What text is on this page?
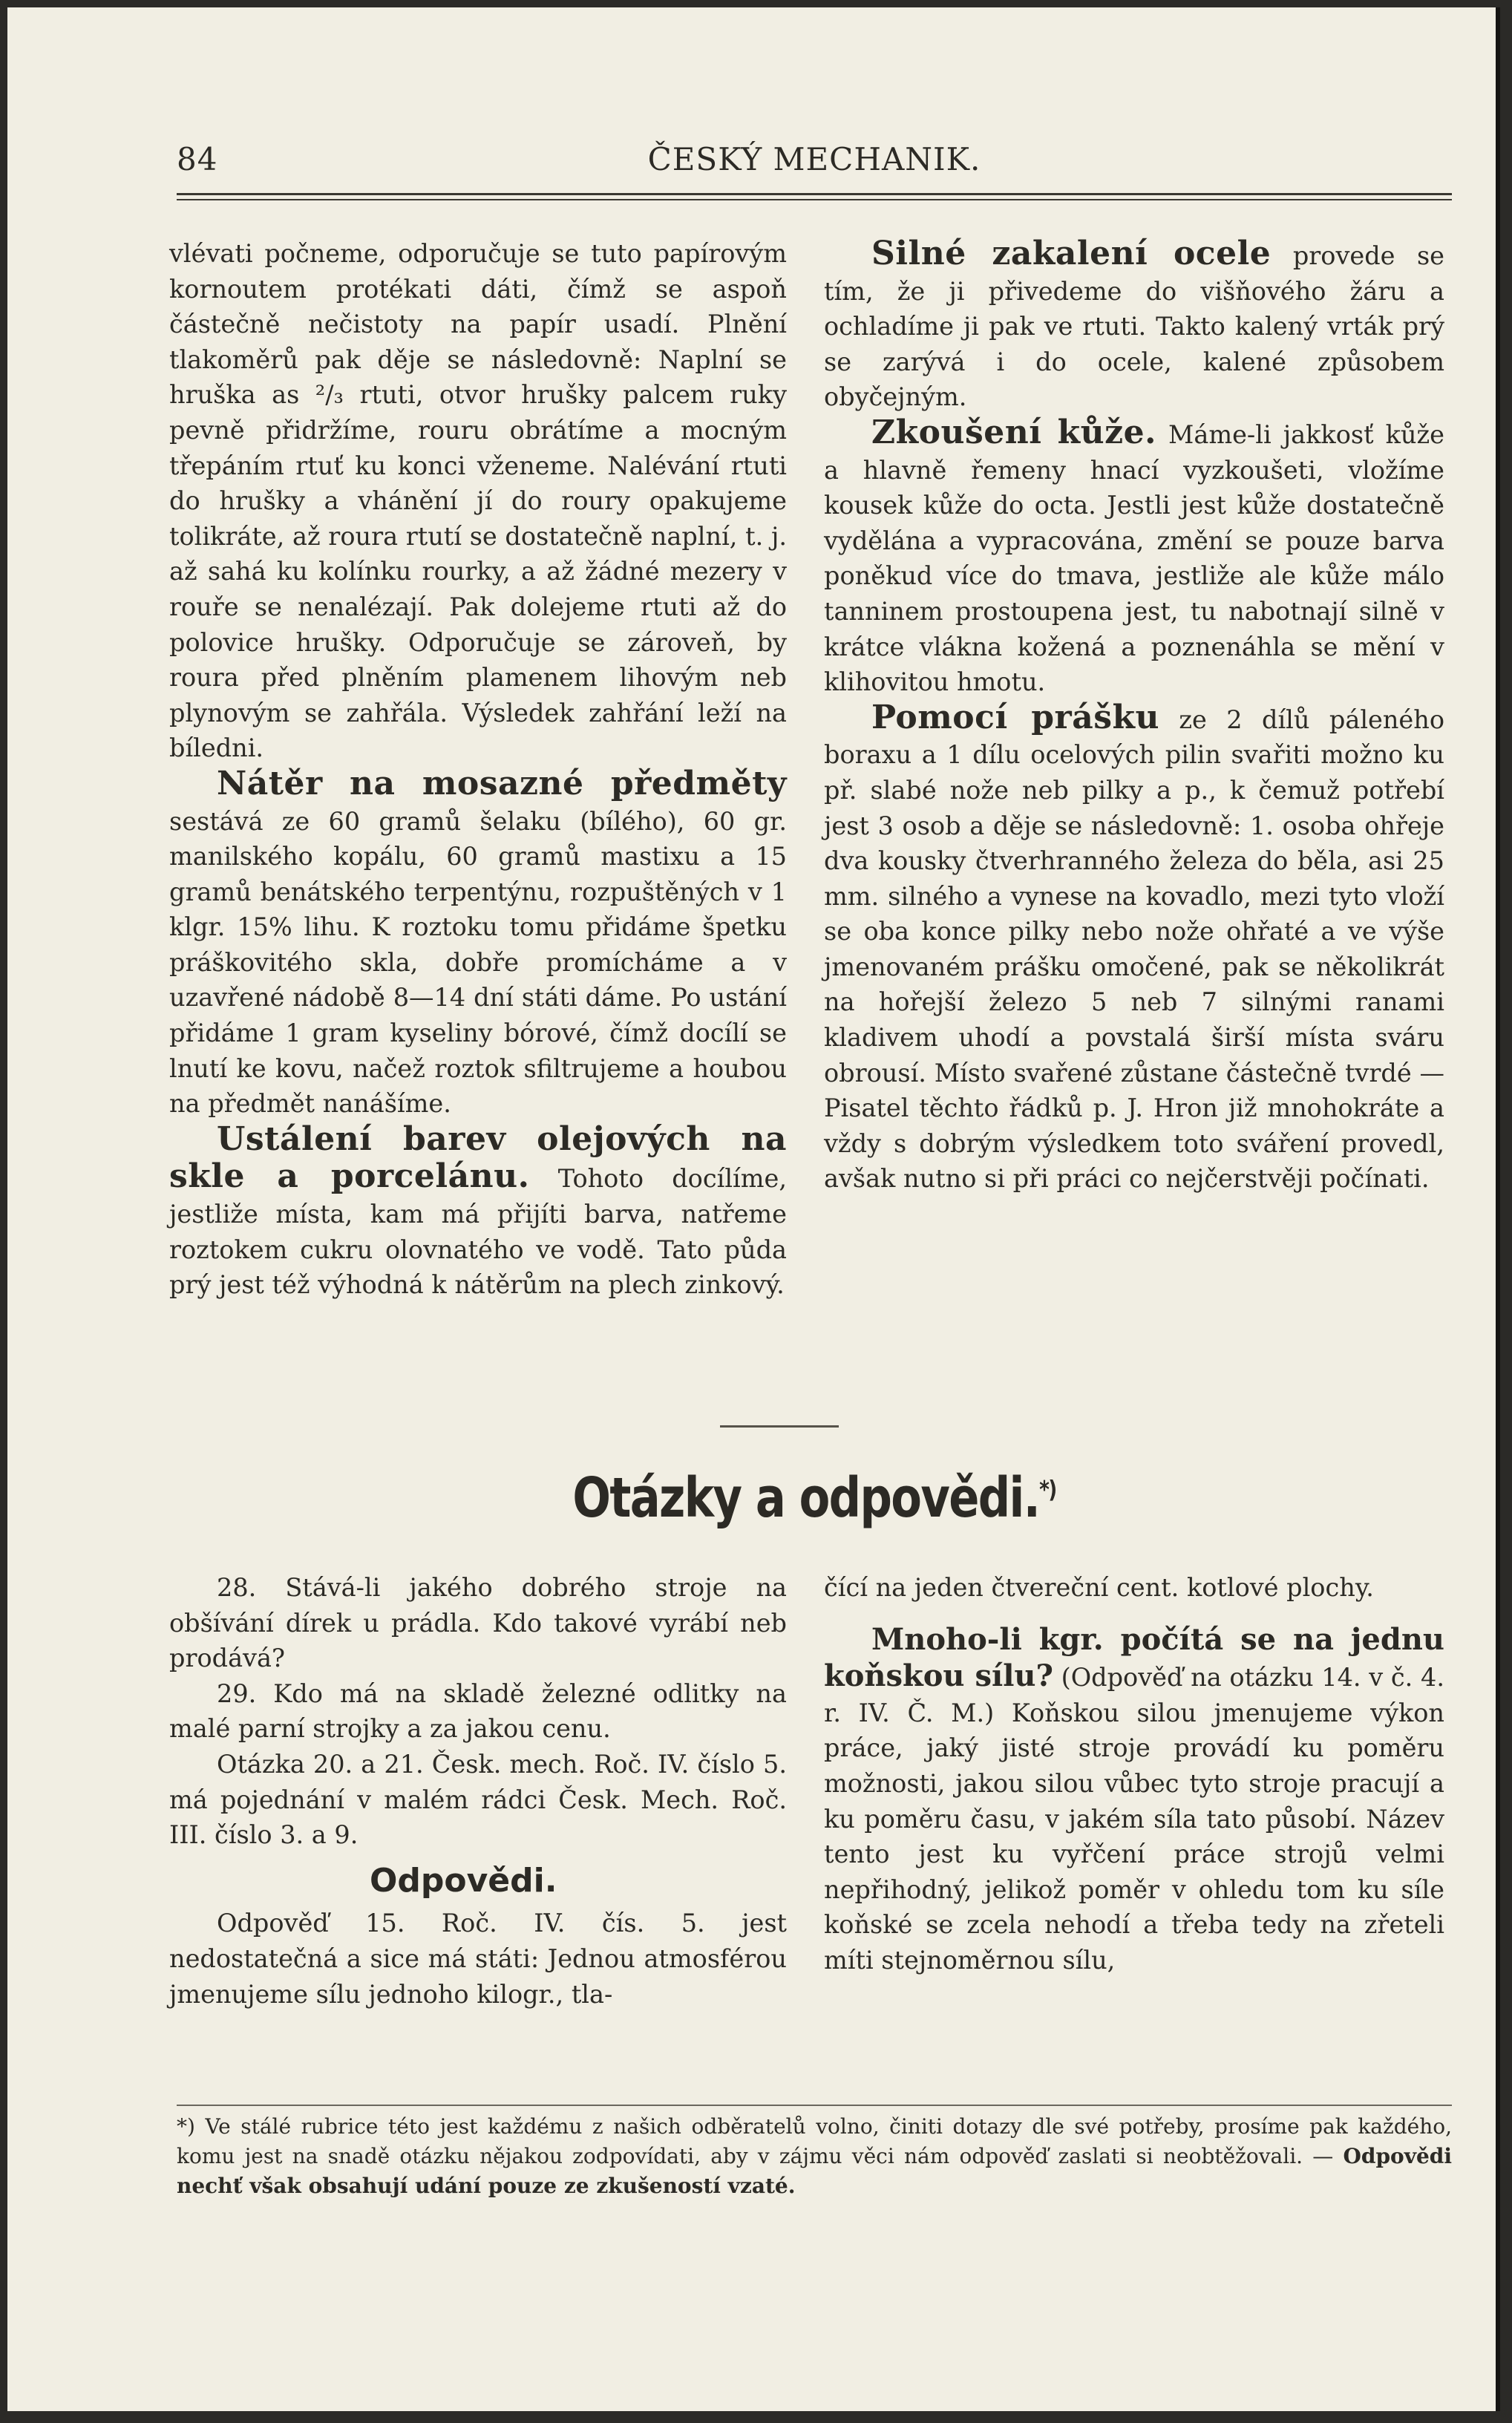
84	ČESKÝ MECHANIK.

vlévati počneme, odporučuje se tuto papírovým kornoutem protékati dáti, čímž se aspoň částečně nečistoty na papír usadí. Plnění tlakoměrů pak děje se následovně: Naplní se hruška as ²/₃ rtuti, otvor hrušky palcem ruky pevně přidržíme, rouru obrátíme a mocným třepáním rtuť ku konci vženeme. Nalévání rtuti do hrušky a vhánění jí do roury opakujeme tolikráte, až roura rtutí se dostatečně naplní, t. j. až sahá ku kolínku rourky, a až žádné mezery v rouře se nenalézají. Pak dolejeme rtuti až do polovice hrušky. Odporučuje se zároveň, by roura před plněním plamenem lihovým neb plynovým se zahřála. Výsledek zahřání leží na bíledni.

Nátěr na mosazné předměty sestává ze 60 gramů šelaku (bílého), 60 gr. manilského kopálu, 60 gramů mastixu a 15 gramů benátského terpentýnu, rozpuštěných v 1 klgr. 15% lihu. K roztoku tomu přidáme špetku práškovitého skla, dobře promícháme a v uzavřené nádobě 8—14 dní státi dáme. Po ustání přidáme 1 gram kyseliny bórové, čímž docílí se lnutí ke kovu, načež roztok sfiltrujeme a houbou na předmět nanášíme.

Ustálení barev olejových na skle a porcelánu. Tohoto docílíme, jestliže místa, kam má přijíti barva, natřeme roztokem cukru olovnatého ve vodě. Tato půda prý jest též výhodná k nátěrům na plech zinkový.

Silné zakalení ocele provede se tím, že ji přivedeme do višňového žáru a ochladíme ji pak ve rtuti. Takto kalený vrták prý se zarývá i do ocele, kalené způsobem obyčejným.

Zkoušení kůže. Máme-li jakkosť kůže a hlavně řemeny hnací vyzkoušeti, vložíme kousek kůže do octa. Jestli jest kůže dostatečně vydělána a vypracována, změní se pouze barva poněkud více do tmava, jestliže ale kůže málo tanninem prostoupena jest, tu nabotnají silně v krátce vlákna kožená a poznenáhla se mění v klihovitou hmotu.

Pomocí prášku ze 2 dílů páleného boraxu a 1 dílu ocelových pilin svařiti možno ku př. slabé nože neb pilky a p., k čemuž potřebí jest 3 osob a děje se následovně: 1. osoba ohřeje dva kousky čtverhranného železa do běla, asi 25 mm. silného a vynese na kovadlo, mezi tyto vloží se oba konce pilky nebo nože ohřaté a ve výše jmenovaném prášku omočené, pak se několikrát na hořejší železo 5 neb 7 silnými ranami kladivem uhodí a povstalá širší místa sváru obrousí. Místo svařené zůstane částečně tvrdé — Pisatel těchto řádků p. J. Hron již mnohokráte a vždy s dobrým výsledkem toto sváření provedl, avšak nutno si při práci co nejčerstvěji počínati.

Otázky a odpovědi.*)

28. Stává-li jakého dobrého stroje na obšívání dírek u prádla. Kdo takové vyrábí neb prodává?

29. Kdo má na skladě železné odlitky na malé parní strojky a za jakou cenu.

Otázka 20. a 21. Česk. mech. Roč. IV. číslo 5. má pojednání v malém rádci Česk. Mech. Roč. III. číslo 3. a 9.

Odpovědi.

Odpověď 15. Roč. IV. čís. 5. jest nedostatečná a sice má státi: Jednou atmosférou jmenujeme sílu jednoho kilogr., tla-

čící na jeden čtvereční cent. kotlové plochy.

Mnoho-li kgr. počítá se na jednu koňskou sílu? (Odpověď na otázku 14. v č. 4. r. IV. Č. M.) Koňskou silou jmenujeme výkon práce, jaký jisté stroje provádí ku poměru možnosti, jakou silou vůbec tyto stroje pracují a ku poměru času, v jakém síla tato působí. Název tento jest ku vyřčení práce strojů velmi nepřihodný, jelikož poměr v ohledu tom ku síle koňské se zcela nehodí a třeba tedy na zřeteli míti stejnoměrnou sílu,

*) Ve stálé rubrice této jest každému z našich odběratelů volno, činiti dotazy dle své potřeby, prosíme pak každého, komu jest na snadě otázku nějakou zodpovídati, aby v zájmu věci nám odpověď zaslati si neobtěžovali. — Odpovědi nechť však obsahují udání pouze ze zkušeností vzaté.
